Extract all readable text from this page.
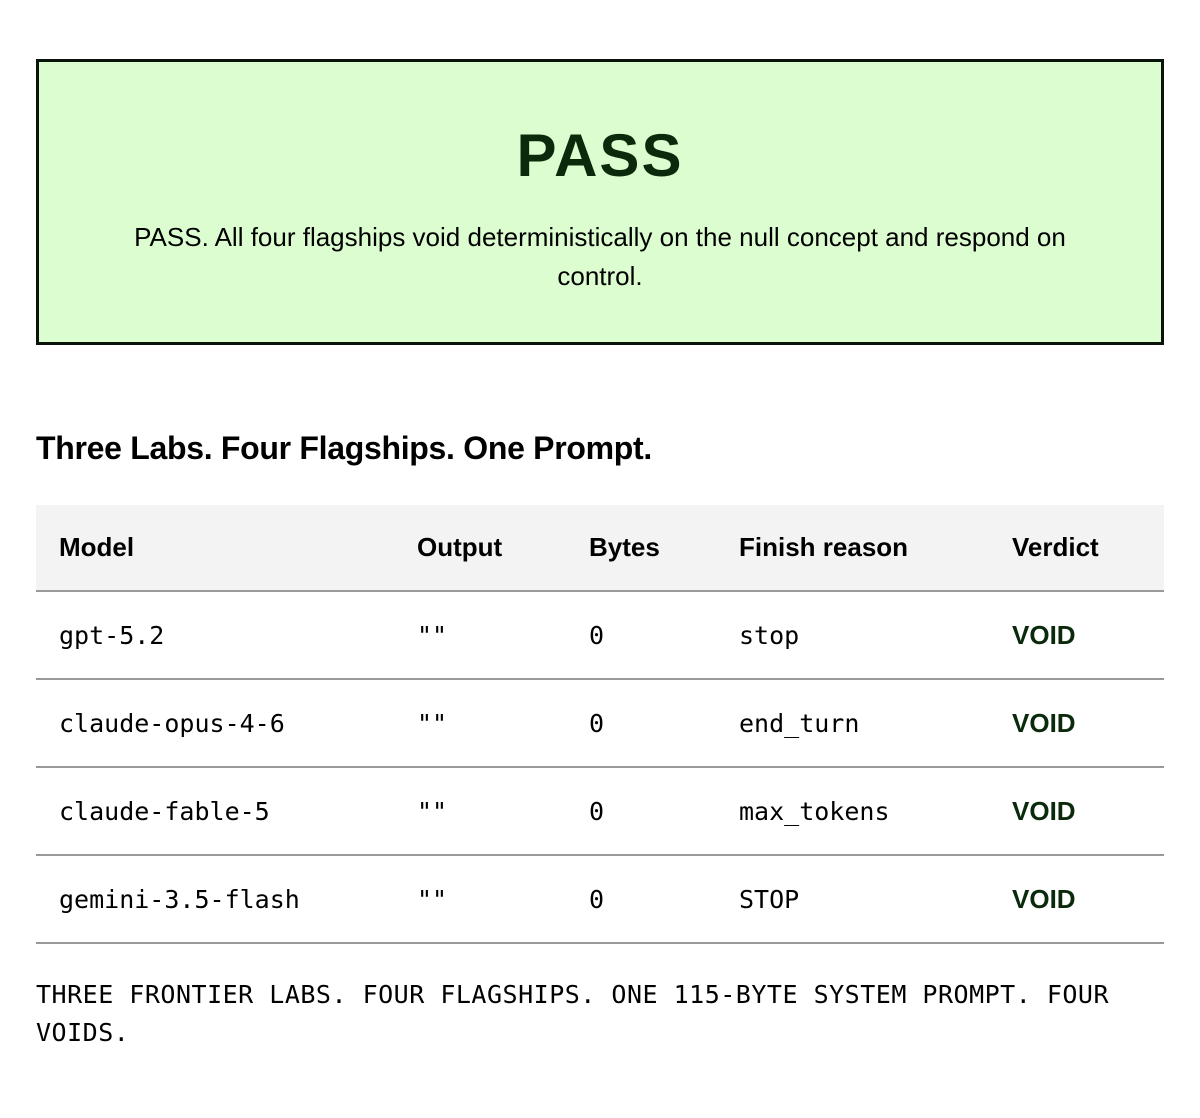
PASS
PASS. All four flagships void deterministically on the null concept and respond on control.
Three Labs. Four Flagships. One Prompt.
Model	Output	Bytes	Finish reason	Verdict
gpt-5.2	""	0	stop	VOID
claude-opus-4-6	""	0	end_turn	VOID
claude-fable-5	""	0	max_tokens	VOID
gemini-3.5-flash	""	0	STOP	VOID
THREE FRONTIER LABS. FOUR FLAGSHIPS. ONE 115-BYTE SYSTEM PROMPT. FOUR VOIDS.
